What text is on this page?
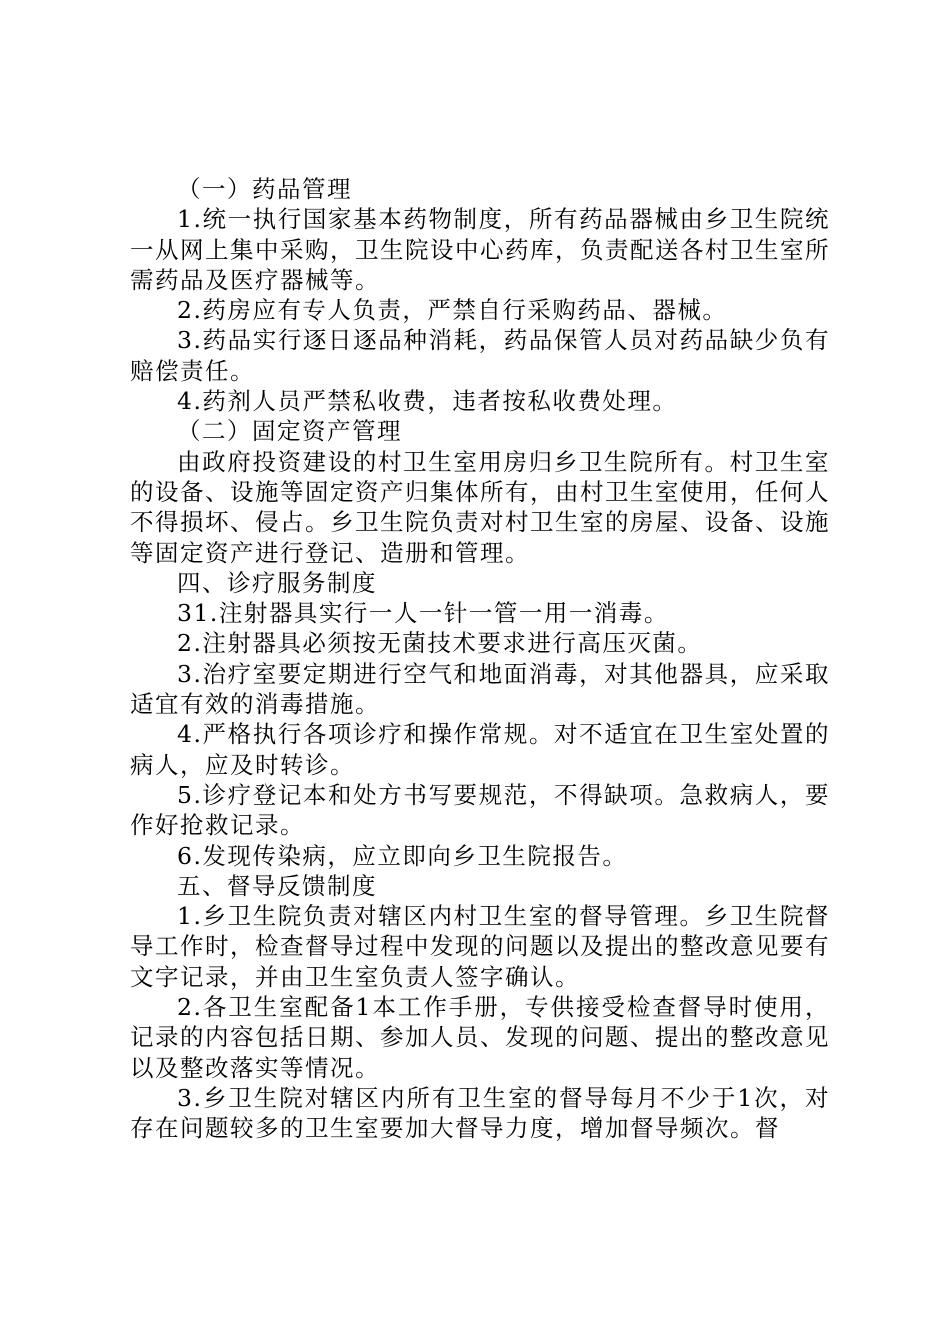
（一）药品管理

1.统一执行国家基本药物制度，所有药品器械由乡卫生院统一从网上集中采购，卫生院设中心药库，负责配送各村卫生室所需药品及医疗器械等。

2.药房应有专人负责，严禁自行采购药品、器械。

3.药品实行逐日逐品种消耗，药品保管人员对药品缺少负有赔偿责任。

4.药剂人员严禁私收费，违者按私收费处理。

（二）固定资产管理

由政府投资建设的村卫生室用房归乡卫生院所有。村卫生室的设备、设施等固定资产归集体所有，由村卫生室使用，任何人不得损坏、侵占。乡卫生院负责对村卫生室的房屋、设备、设施等固定资产进行登记、造册和管理。

四、诊疗服务制度

31.注射器具实行一人一针一管一用一消毒。

2.注射器具必须按无菌技术要求进行高压灭菌。

3.治疗室要定期进行空气和地面消毒，对其他器具，应采取适宜有效的消毒措施。

4.严格执行各项诊疗和操作常规。对不适宜在卫生室处置的病人，应及时转诊。

5.诊疗登记本和处方书写要规范，不得缺项。急救病人，要作好抢救记录。

6.发现传染病，应立即向乡卫生院报告。

五、督导反馈制度

1.乡卫生院负责对辖区内村卫生室的督导管理。乡卫生院督导工作时，检查督导过程中发现的问题以及提出的整改意见要有文字记录，并由卫生室负责人签字确认。

2.各卫生室配备1本工作手册，专供接受检查督导时使用，记录的内容包括日期、参加人员、发现的问题、提出的整改意见以及整改落实等情况。

3.乡卫生院对辖区内所有卫生室的督导每月不少于1次，对存在问题较多的卫生室要加大督导力度，增加督导频次。督
